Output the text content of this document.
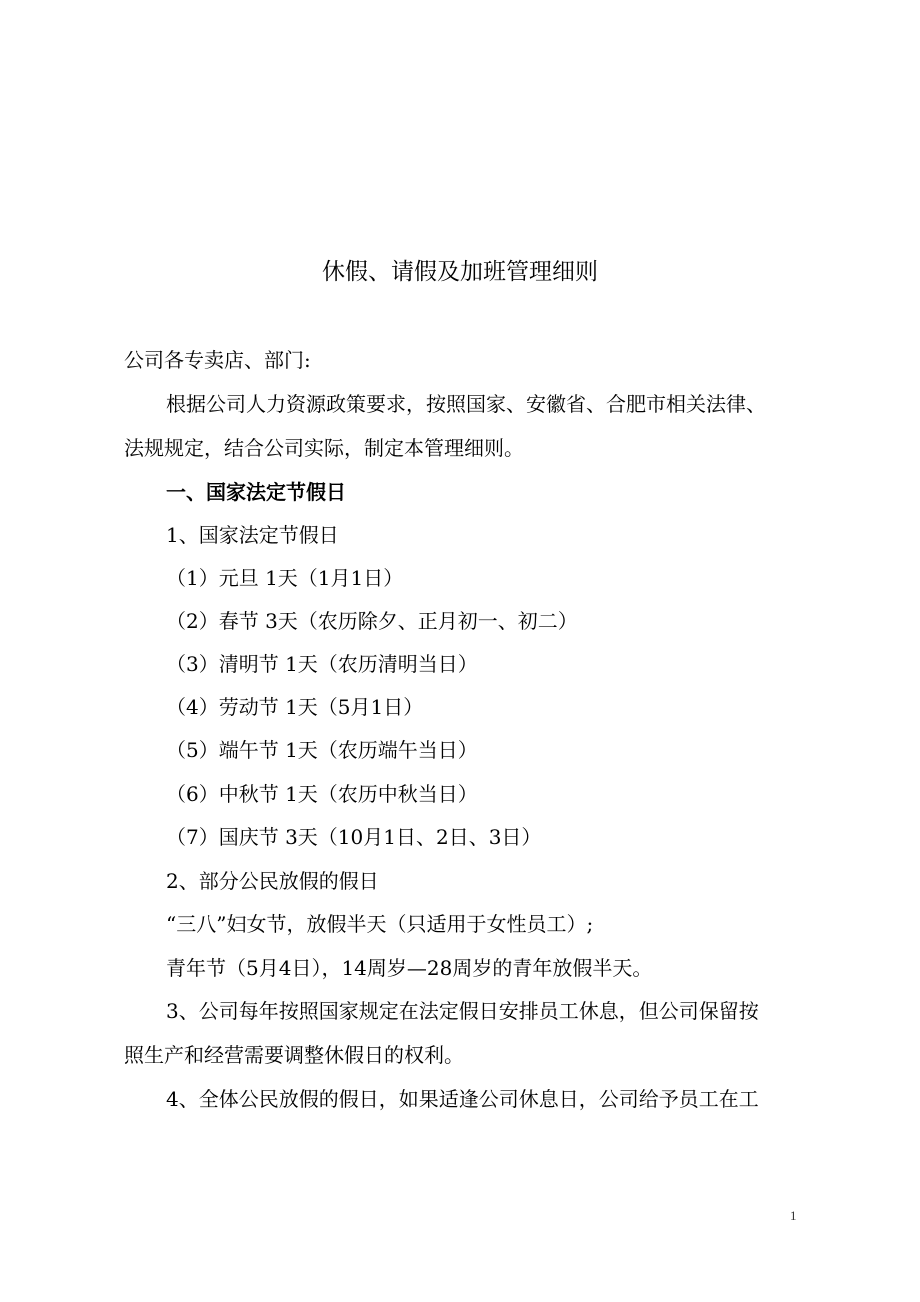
休假、请假及加班管理细则
公司各专卖店、部门:
根据公司人力资源政策要求，按照国家、安徽省、合肥市相关法律、
法规规定，结合公司实际，制定本管理细则。
一、国家法定节假日
1、国家法定节假日
（1）元旦 1天（1月1日）
（2）春节 3天（农历除夕、正月初一、初二）
（3）清明节 1天（农历清明当日）
（4）劳动节 1天（5月1日）
（5）端午节 1天（农历端午当日）
（6）中秋节 1天（农历中秋当日）
（7）国庆节 3天（10月1日、2日、3日）
2、部分公民放假的假日
“三八”妇女节，放假半天（只适用于女性员工）;
青年节（5月4日），14周岁—28周岁的青年放假半天。
3、公司每年按照国家规定在法定假日安排员工休息，但公司保留按
照生产和经营需要调整休假日的权利。
4、全体公民放假的假日，如果适逢公司休息日，公司给予员工在工
1
